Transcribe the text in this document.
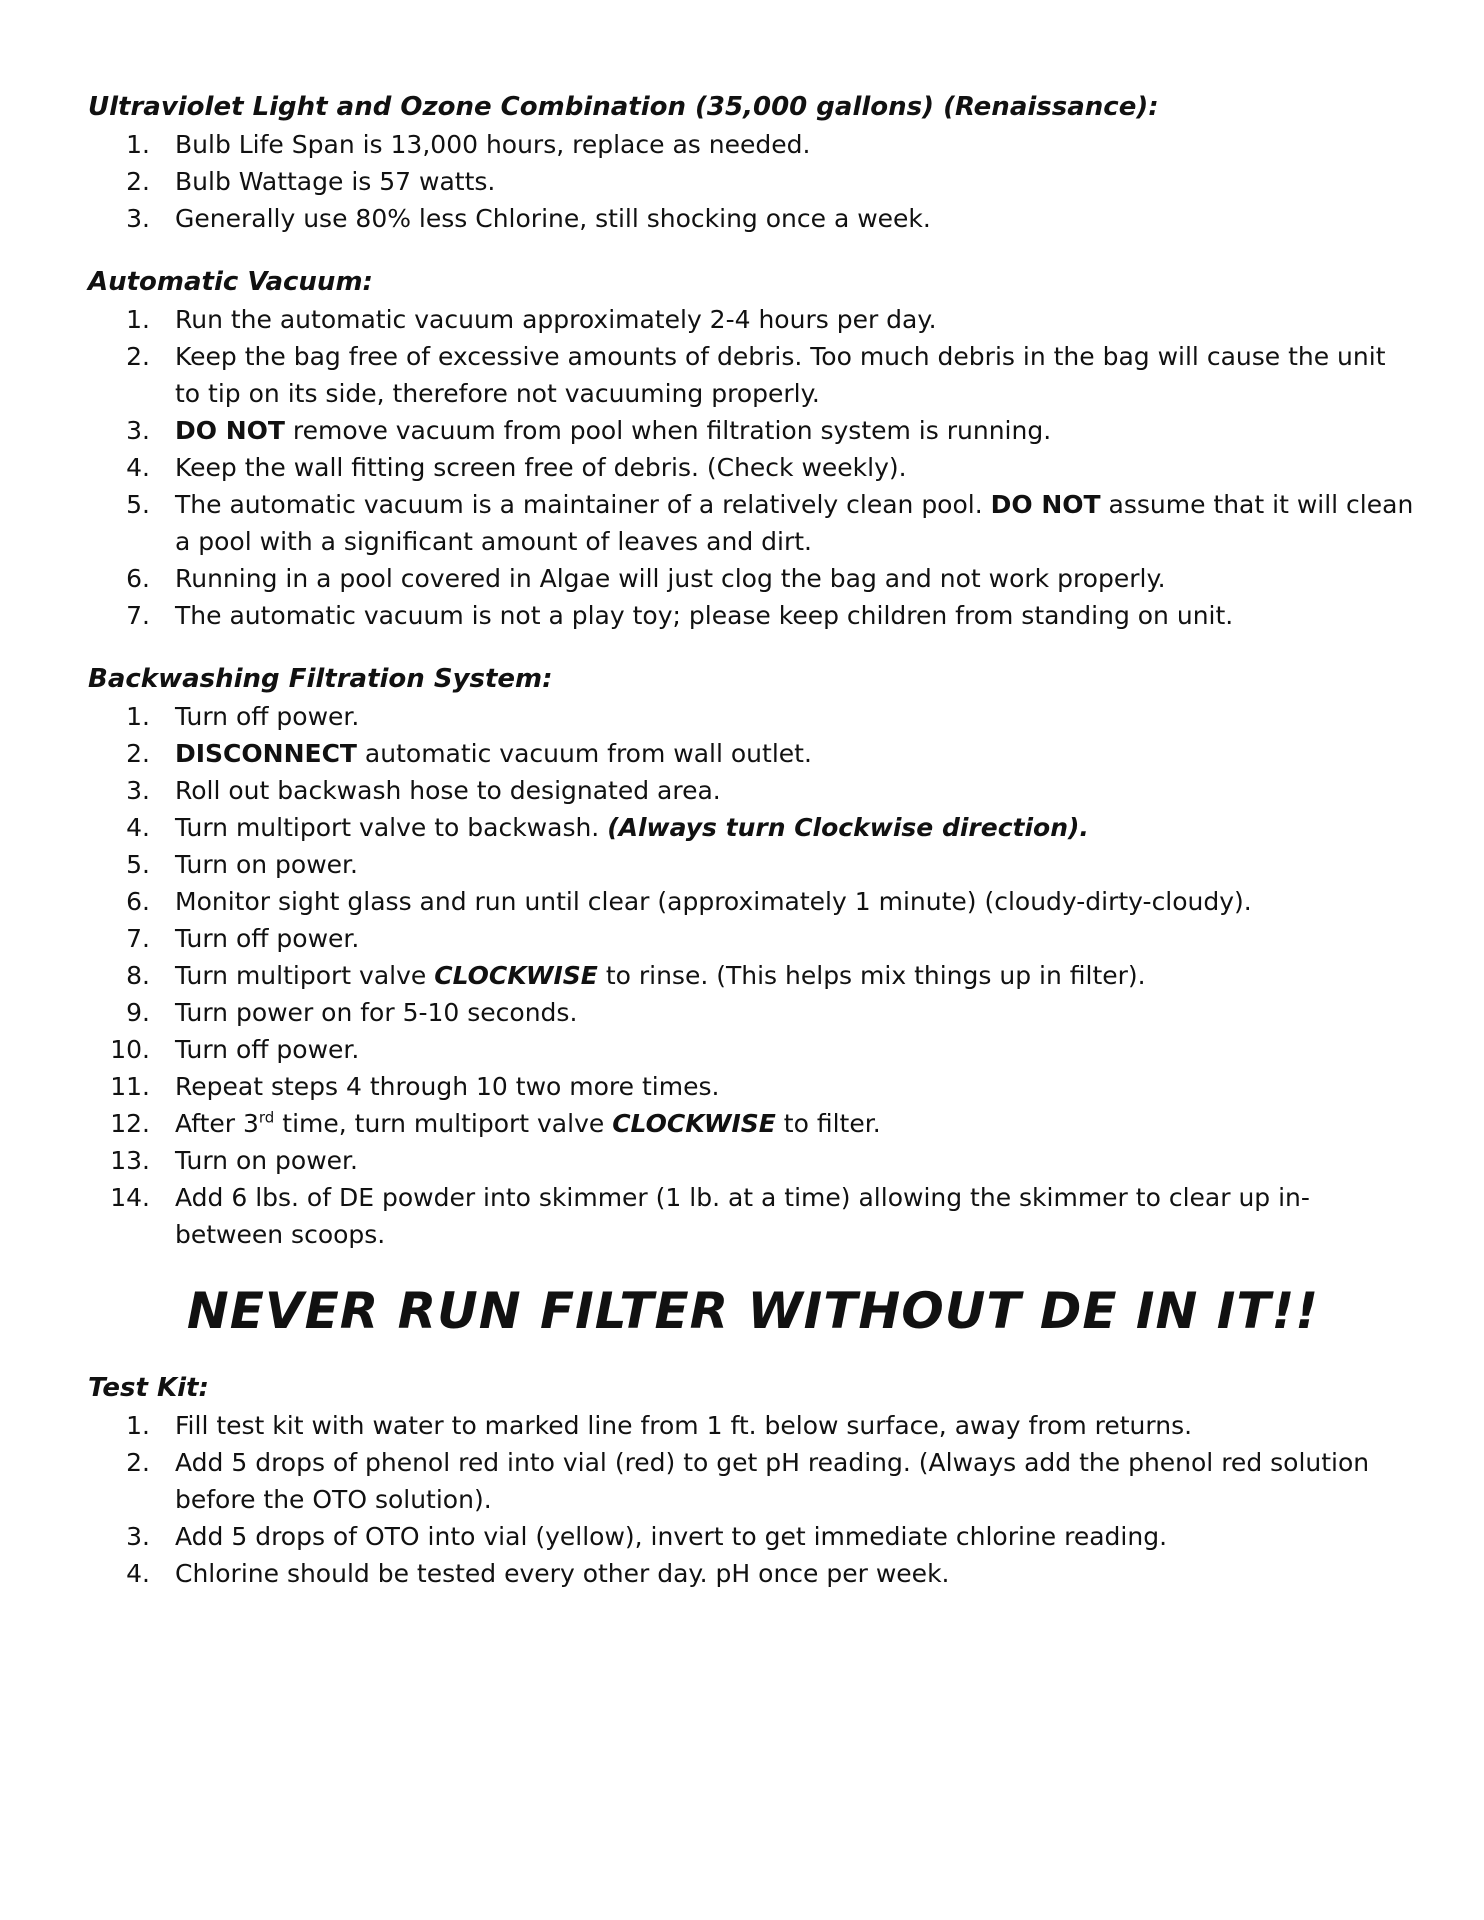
Ultraviolet Light and Ozone Combination (35,000 gallons) (Renaissance):
1. Bulb Life Span is 13,000 hours, replace as needed.
2. Bulb Wattage is 57 watts.
3. Generally use 80% less Chlorine, still shocking once a week.
Automatic Vacuum:
1. Run the automatic vacuum approximately 2-4 hours per day.
2. Keep the bag free of excessive amounts of debris. Too much debris in the bag will cause the unit to tip on its side, therefore not vacuuming properly.
3. DO NOT remove vacuum from pool when filtration system is running.
4. Keep the wall fitting screen free of debris. (Check weekly).
5. The automatic vacuum is a maintainer of a relatively clean pool. DO NOT assume that it will clean a pool with a significant amount of leaves and dirt.
6. Running in a pool covered in Algae will just clog the bag and not work properly.
7. The automatic vacuum is not a play toy; please keep children from standing on unit.
Backwashing Filtration System:
1. Turn off power.
2. DISCONNECT automatic vacuum from wall outlet.
3. Roll out backwash hose to designated area.
4. Turn multiport valve to backwash. (Always turn Clockwise direction).
5. Turn on power.
6. Monitor sight glass and run until clear (approximately 1 minute) (cloudy-dirty-cloudy).
7. Turn off power.
8. Turn multiport valve CLOCKWISE to rinse. (This helps mix things up in filter).
9. Turn power on for 5-10 seconds.
10. Turn off power.
11. Repeat steps 4 through 10 two more times.
12. After 3rd time, turn multiport valve CLOCKWISE to filter.
13. Turn on power.
14. Add 6 lbs. of DE powder into skimmer (1 lb. at a time) allowing the skimmer to clear up in-between scoops.
NEVER RUN FILTER WITHOUT DE IN IT!!
Test Kit:
1. Fill test kit with water to marked line from 1 ft. below surface, away from returns.
2. Add 5 drops of phenol red into vial (red) to get pH reading. (Always add the phenol red solution before the OTO solution).
3. Add 5 drops of OTO into vial (yellow), invert to get immediate chlorine reading.
4. Chlorine should be tested every other day. pH once per week.
